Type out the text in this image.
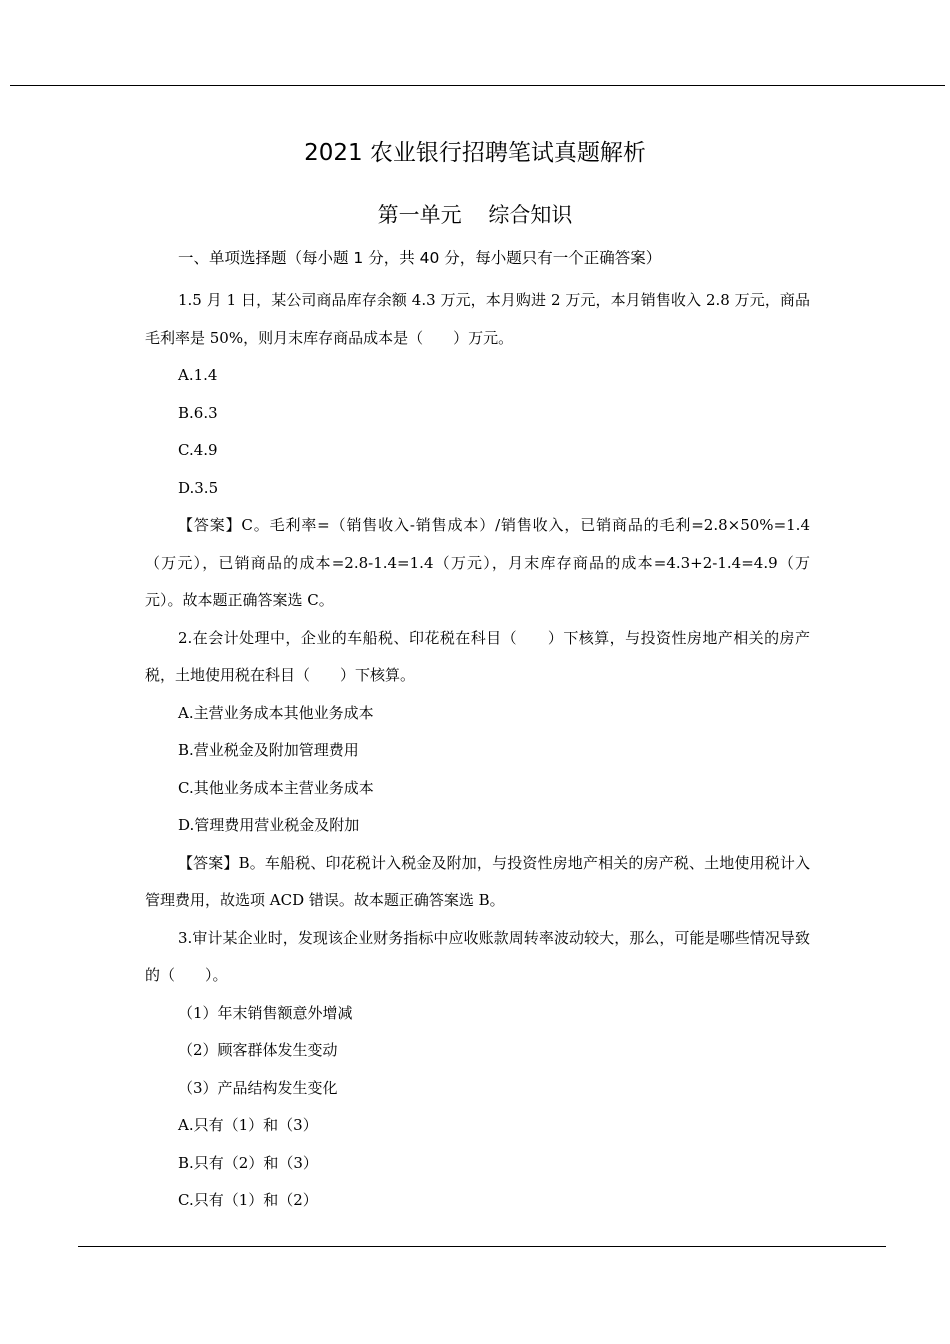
2021 农业银行招聘笔试真题解析
第一单元    综合知识
一、单项选择题（每小题 1 分，共 40 分，每小题只有一个正确答案）

1.5 月 1 日，某公司商品库存余额 4.3 万元，本月购进 2 万元，本月销售收入 2.8 万元，商品毛利率是 50%，则月末库存商品成本是（　　）万元。

A.1.4

B.6.3

C.4.9

D.3.5

【答案】C。毛利率=（销售收入-销售成本）/销售收入，已销商品的毛利=2.8×50%=1.4（万元），已销商品的成本=2.8-1.4=1.4（万元），月末库存商品的成本=4.3+2-1.4=4.9（万元）。故本题正确答案选 C。

2.在会计处理中，企业的车船税、印花税在科目（　　）下核算，与投资性房地产相关的房产税，土地使用税在科目（　　）下核算。

A.主营业务成本其他业务成本

B.营业税金及附加管理费用

C.其他业务成本主营业务成本

D.管理费用营业税金及附加

【答案】B。车船税、印花税计入税金及附加，与投资性房地产相关的房产税、土地使用税计入管理费用，故选项 ACD 错误。故本题正确答案选 B。

3.审计某企业时，发现该企业财务指标中应收账款周转率波动较大，那么，可能是哪些情况导致的（　　）。

（1）年末销售额意外增减

（2）顾客群体发生变动

（3）产品结构发生变化

A.只有（1）和（3）

B.只有（2）和（3）

C.只有（1）和（2）
